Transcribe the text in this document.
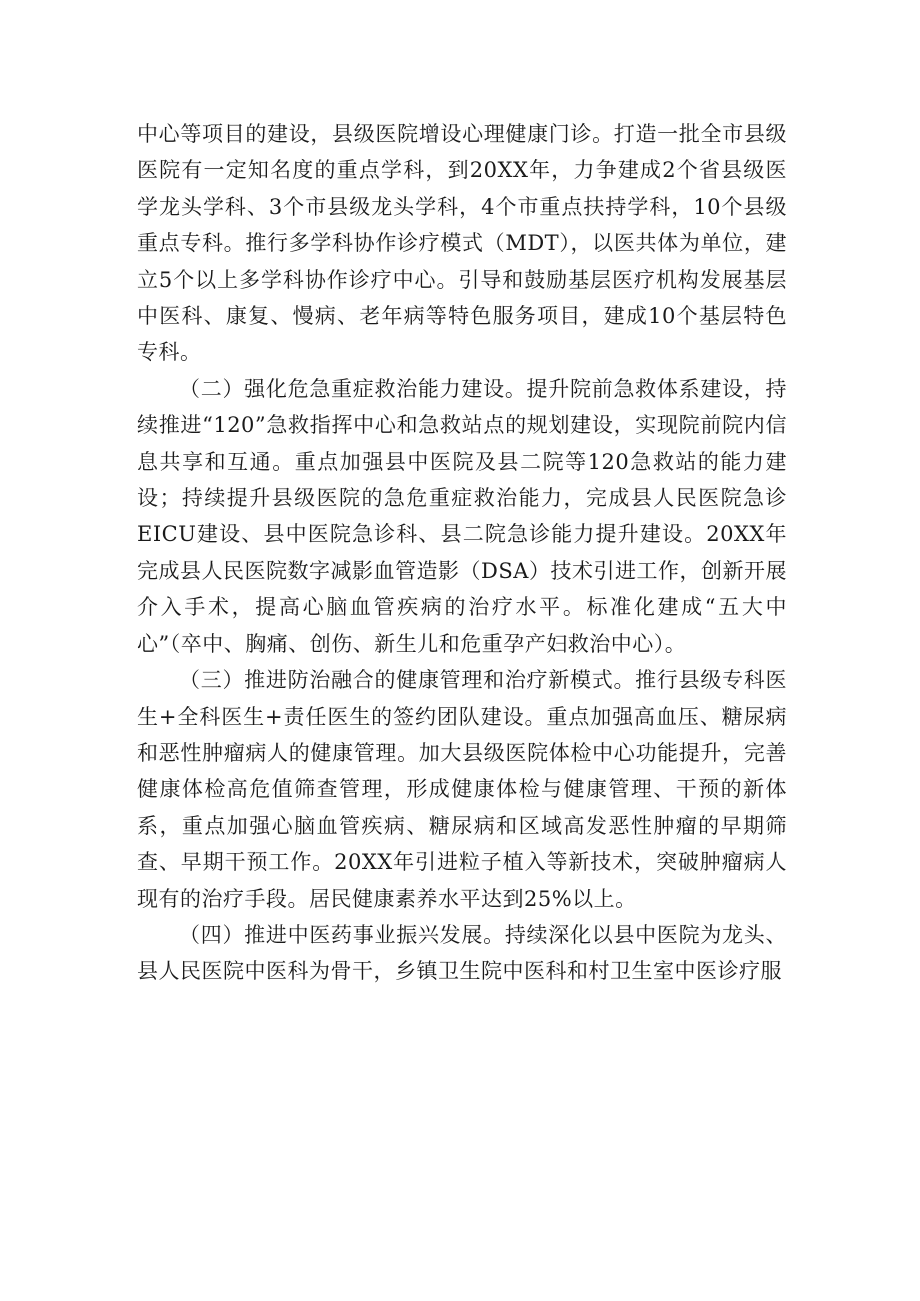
中心等项目的建设，县级医院增设心理健康门诊。打造一批全市县级医院有一定知名度的重点学科，到20XX年，力争建成2个省县级医学龙头学科、3个市县级龙头学科，4个市重点扶持学科，10个县级重点专科。推行多学科协作诊疗模式（MDT），以医共体为单位，建立5个以上多学科协作诊疗中心。引导和鼓励基层医疗机构发展基层中医科、康复、慢病、老年病等特色服务项目，建成10个基层特色专科。

（二）强化危急重症救治能力建设。提升院前急救体系建设，持续推进“120”急救指挥中心和急救站点的规划建设，实现院前院内信息共享和互通。重点加强县中医院及县二院等120急救站的能力建设；持续提升县级医院的急危重症救治能力，完成县人民医院急诊EICU建设、县中医院急诊科、县二院急诊能力提升建设。20XX年完成县人民医院数字减影血管造影（DSA）技术引进工作，创新开展介入手术，提高心脑血管疾病的治疗水平。标准化建成“五大中心”（卒中、胸痛、创伤、新生儿和危重孕产妇救治中心）。

（三）推进防治融合的健康管理和治疗新模式。推行县级专科医生+全科医生+责任医生的签约团队建设。重点加强高血压、糖尿病和恶性肿瘤病人的健康管理。加大县级医院体检中心功能提升，完善健康体检高危值筛查管理，形成健康体检与健康管理、干预的新体系，重点加强心脑血管疾病、糖尿病和区域高发恶性肿瘤的早期筛查、早期干预工作。20XX年引进粒子植入等新技术，突破肿瘤病人现有的治疗手段。居民健康素养水平达到25%以上。

（四）推进中医药事业振兴发展。持续深化以县中医院为龙头、县人民医院中医科为骨干，乡镇卫生院中医科和村卫生室中医诊疗服
